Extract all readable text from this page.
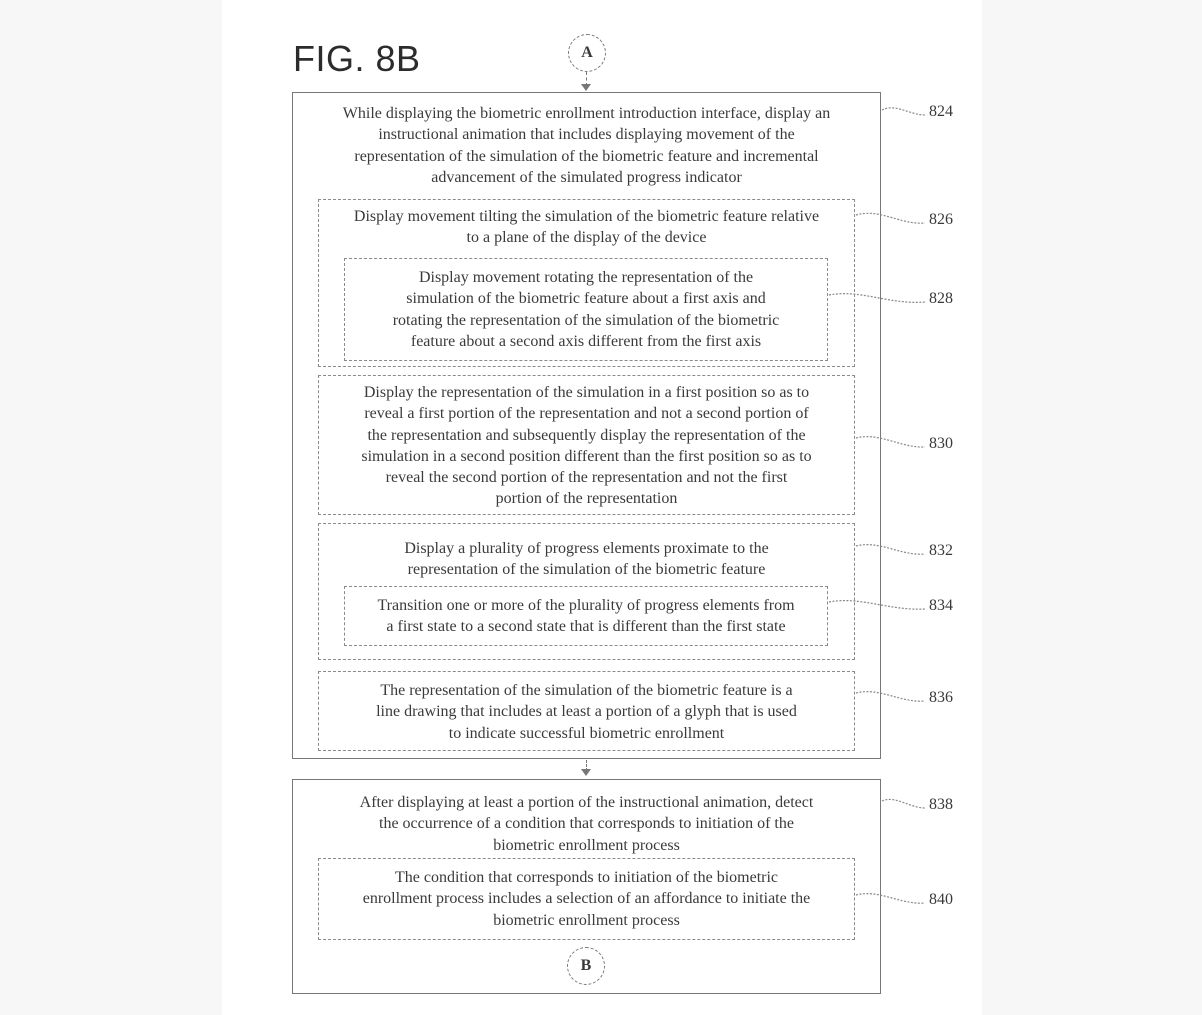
FIG. 8B	A
While displaying the biometric enrollment introduction interface, display an
instructional animation that includes displaying movement of the
representation of the simulation of the biometric feature and incremental
advancement of the simulated progress indicator
Display movement tilting the simulation of the biometric feature relative
to a plane of the display of the device
Display movement rotating the representation of the
simulation of the biometric feature about a first axis and
rotating the representation of the simulation of the biometric
feature about a second axis different from the first axis
Display the representation of the simulation in a first position so as to
reveal a first portion of the representation and not a second portion of
the representation and subsequently display the representation of the
simulation in a second position different than the first position so as to
reveal the second portion of the representation and not the first
portion of the representation
Display a plurality of progress elements proximate to the
representation of the simulation of the biometric feature
Transition one or more of the plurality of progress elements from
a first state to a second state that is different than the first state
The representation of the simulation of the biometric feature is a
line drawing that includes at least a portion of a glyph that is used
to indicate successful biometric enrollment
After displaying at least a portion of the instructional animation, detect
the occurrence of a condition that corresponds to initiation of the
biometric enrollment process
The condition that corresponds to initiation of the biometric
enrollment process includes a selection of an affordance to initiate the
biometric enrollment process
B
824
826
828
830
832
834
836
838
840
